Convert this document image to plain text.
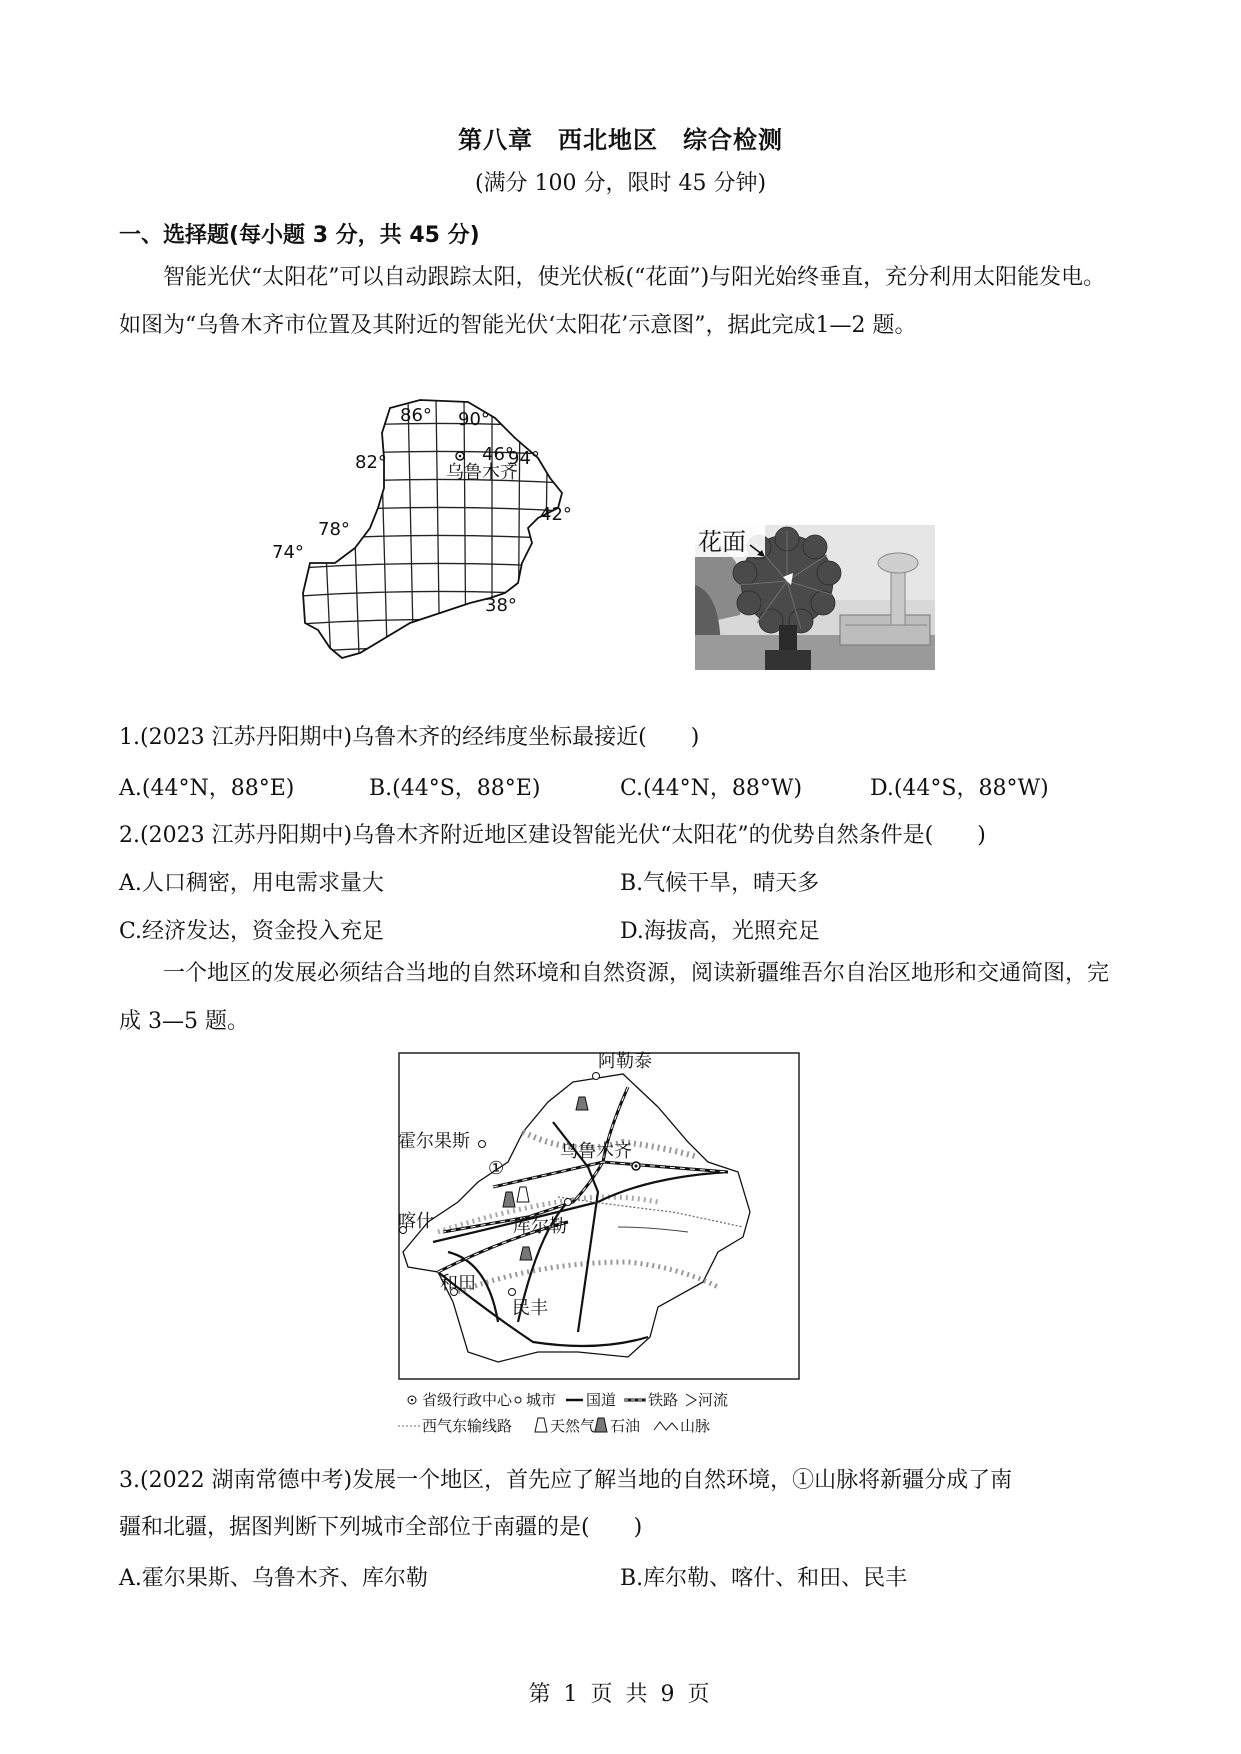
第八章　西北地区　综合检测
(满分 100 分，限时 45 分钟)
一、选择题(每小题 3 分，共 45 分)

智能光伏“太阳花”可以自动跟踪太阳，使光伏板(“花面”)与阳光始终垂直，充分利用太阳能发电。如图为“乌鲁木齐市位置及其附近的智能光伏‘太阳花’示意图”，据此完成1—2 题。

86° 90°
82°	46°
94°
42°
78°
74°
38°
乌鲁木齐
花面
1.(2023 江苏丹阳期中)乌鲁木齐的经纬度坐标最接近(　　)
A.(44°N，88°E)	B.(44°S，88°E)	C.(44°N，88°W)	D.(44°S，88°W)
2.(2023 江苏丹阳期中)乌鲁木齐附近地区建设智能光伏“太阳花”的优势自然条件是(　　)
A.人口稠密，用电需求量大	B.气候干旱，晴天多
C.经济发达，资金投入充足	D.海拔高，光照充足

一个地区的发展必须结合当地的自然环境和自然资源，阅读新疆维吾尔自治区地形和交通简图，完成 3—5 题。

阿勒泰
霍尔果斯	乌鲁木齐
喀什	库尔勒
和田
民丰
①
省级行政中心 城市 国道 铁路 河流
西气东输线路	天然气 石油	山脉
3.(2022 湖南常德中考)发展一个地区，首先应了解当地的自然环境，①山脉将新疆分成了南
疆和北疆，据图判断下列城市全部位于南疆的是(　　)
A.霍尔果斯、乌鲁木齐、库尔勒	B.库尔勒、喀什、和田、民丰
第 1 页 共 9 页
